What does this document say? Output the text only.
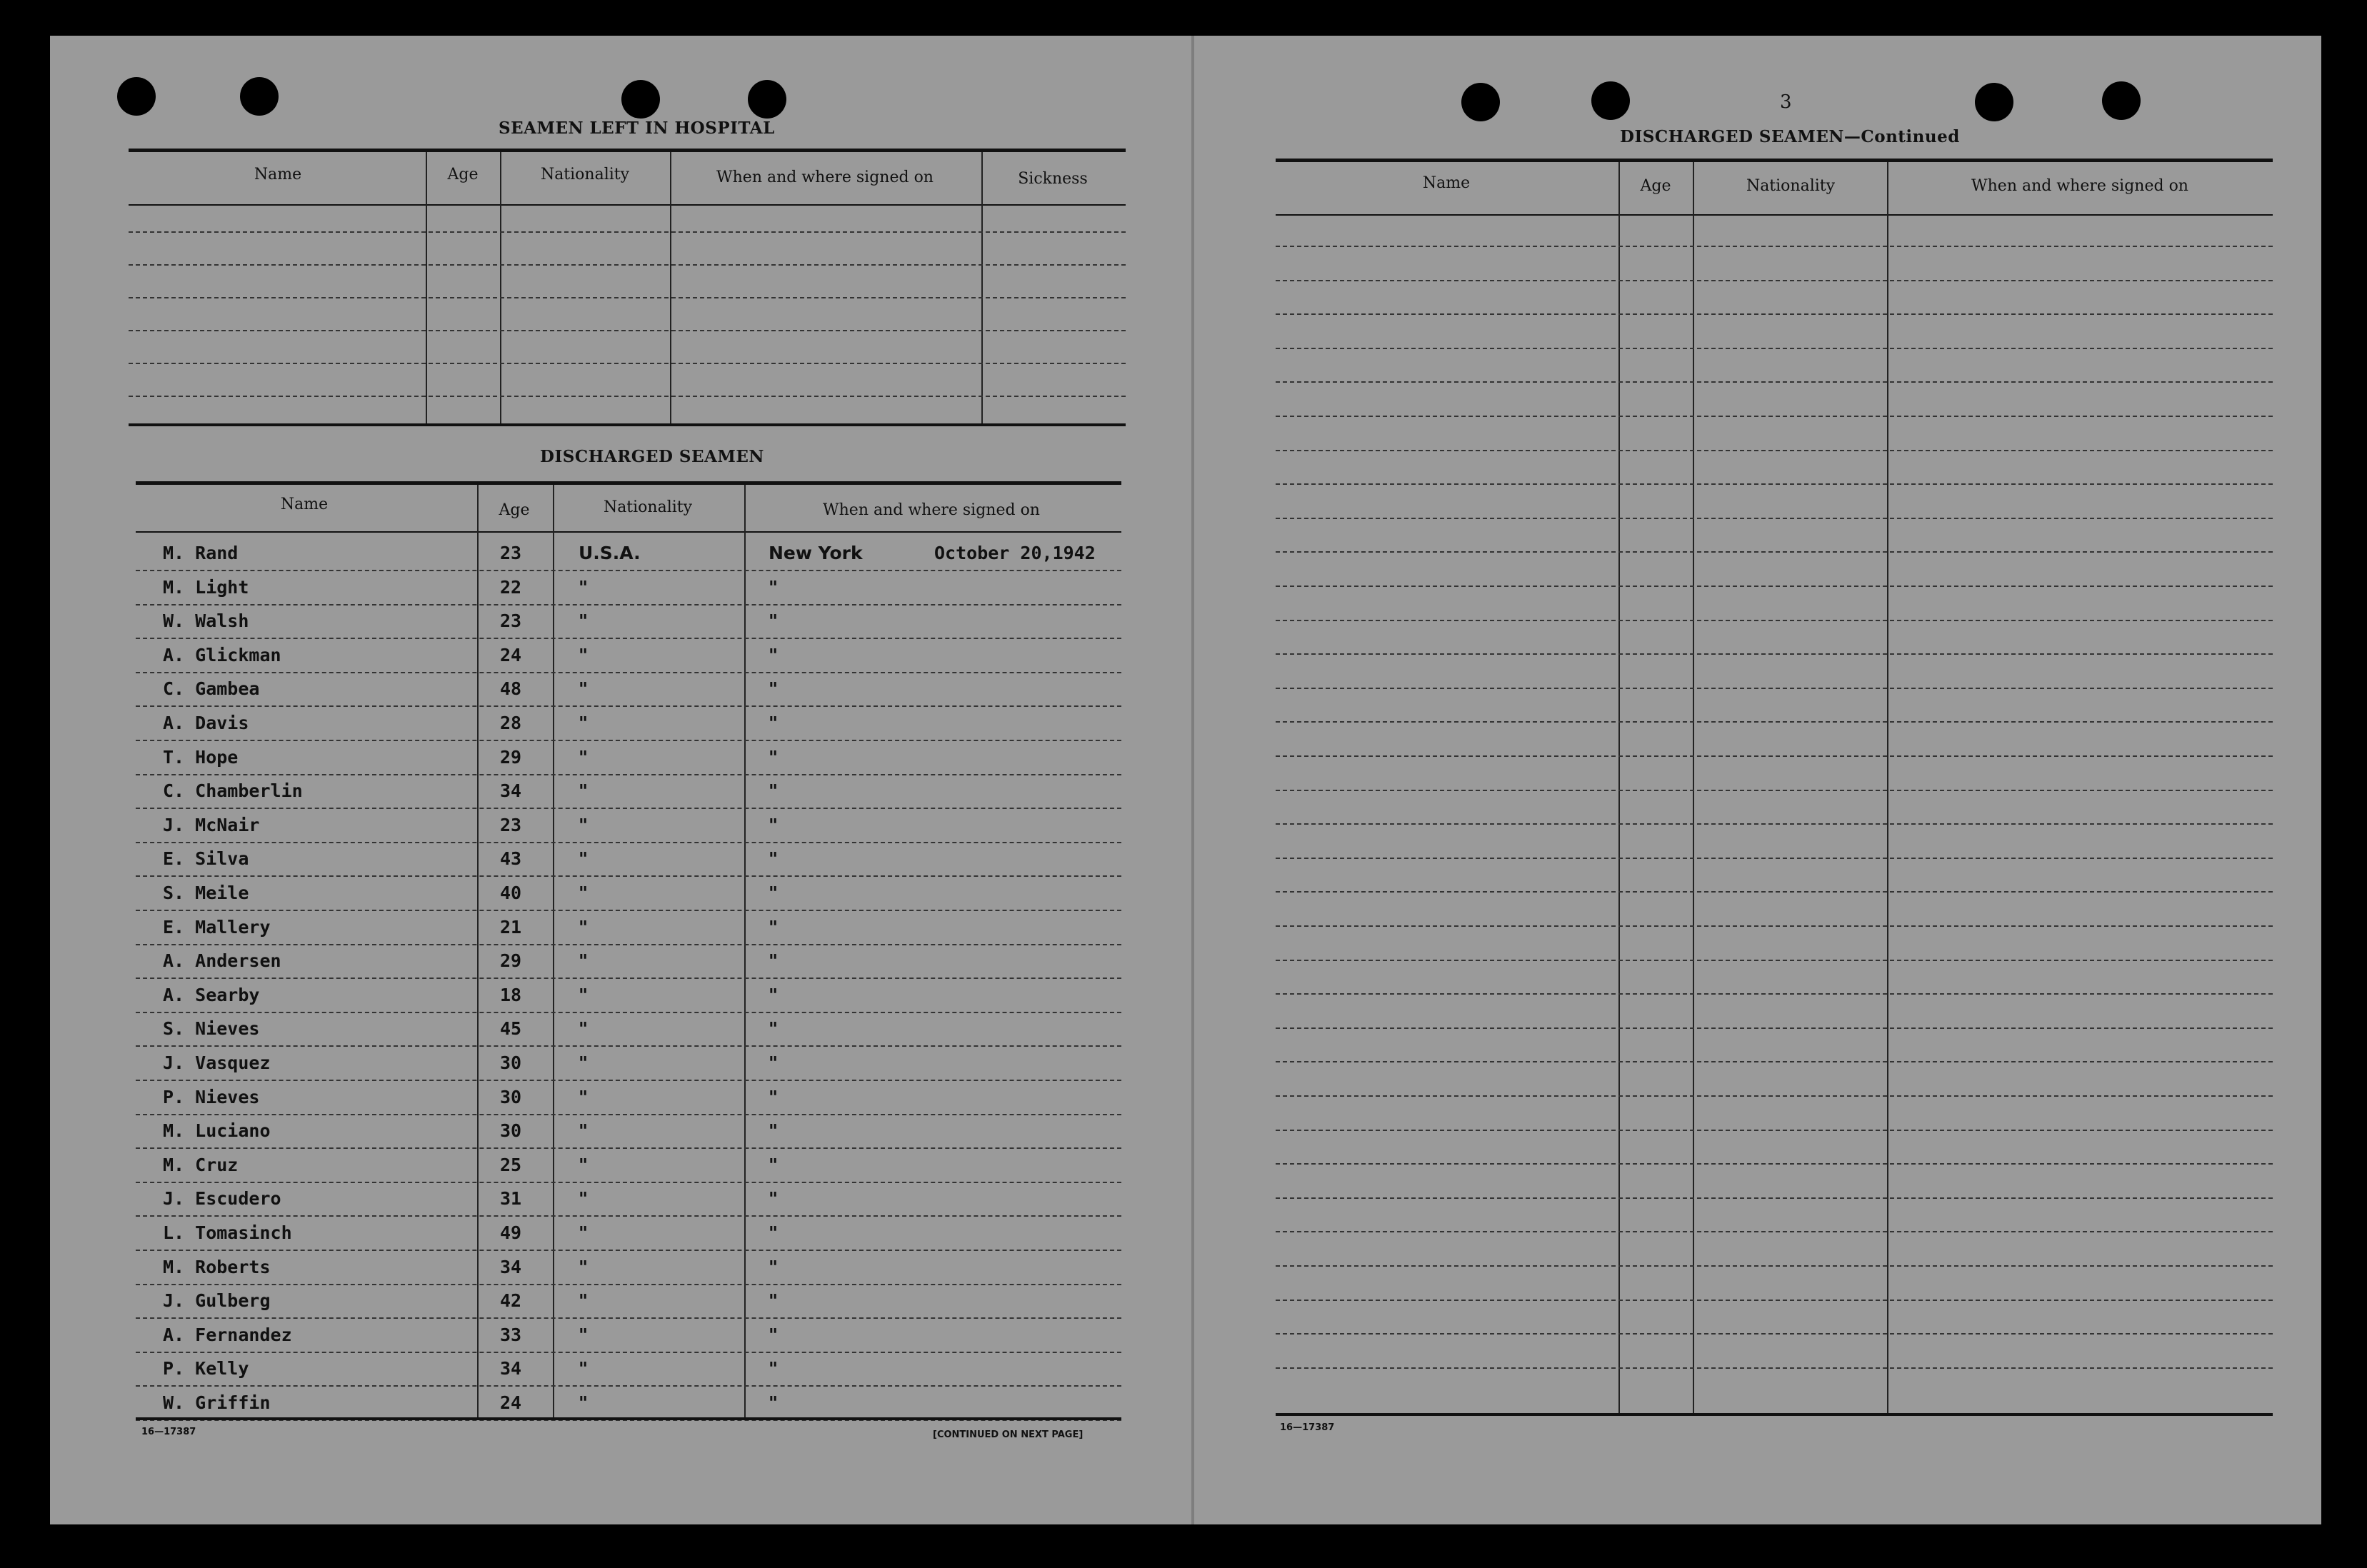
SEAMEN LEFT IN HOSPITAL
Name	Age	Nationality	When and where signed on	Sickness
DISCHARGED SEAMEN
Name	Age	Nationality	When and where signed on
M. Rand	23	U.S.A.	New York	October 20,1942
M. Light	22	"	"
W. Walsh	23	"	"
A. Glickman	24	"	"
C. Gambea	48	"	"
A. Davis	28	"	"
T. Hope	29	"	"
C. Chamberlin	34	"	"
J. McNair	23	"	"
E. Silva	43	"	"
S. Meile	40	"	"
E. Mallery	21	"	"
A. Andersen	29	"	"
A. Searby	18	"	"
S. Nieves	45	"	"
J. Vasquez	30	"	"
P. Nieves	30	"	"
M. Luciano	30	"	"
M. Cruz	25	"	"
J. Escudero	31	"	"
L. Tomasinch	49	"	"
M. Roberts	34	"	"
J. Gulberg	42	"	"
A. Fernandez	33	"	"
P. Kelly	34	"	"
W. Griffin	24	"	"
16—17387	[CONTINUED ON NEXT PAGE]
3
DISCHARGED SEAMEN—Continued
Name	Age	Nationality	When and where signed on
16—17387
